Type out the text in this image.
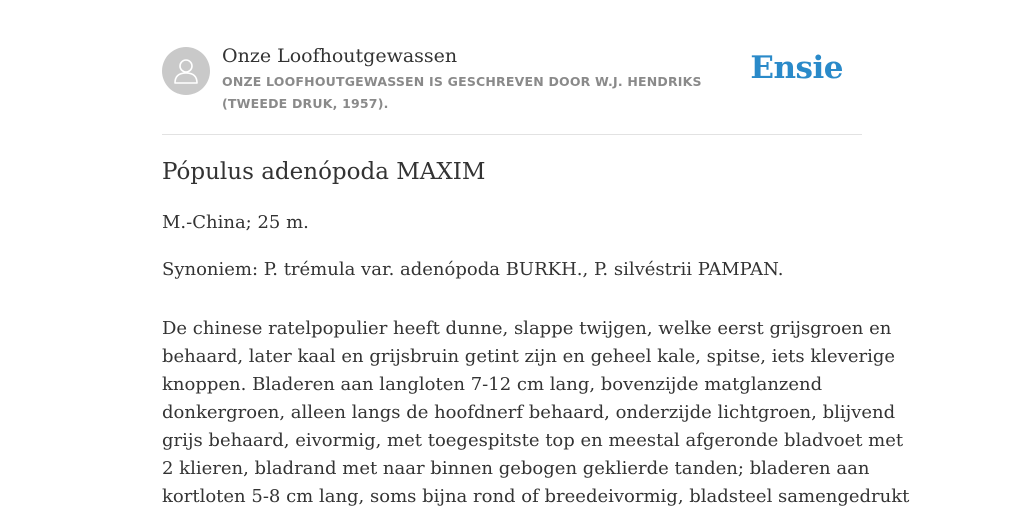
Onze Loofhoutgewassen
ONZE LOOFHOUTGEWASSEN IS GESCHREVEN DOOR W.J. HENDRIKS (TWEEDE DRUK, 1957).
Ensie
Pópulus adenópoda MAXIM
M.-China; 25 m.
Synoniem: P. trémula var. adenópoda BURKH., P. silvéstrii PAMPAN.
De chinese ratelpopulier heeft dunne, slappe twijgen, welke eerst grijsgroen en
behaard, later kaal en grijsbruin getint zijn en geheel kale, spitse, iets kleverige
knoppen. Bladeren aan langloten 7-12 cm lang, bovenzijde matglanzend
donkergroen, alleen langs de hoofdnerf behaard, onderzijde lichtgroen, blijvend
grijs behaard, eivormig, met toegespitste top en meestal afgeronde bladvoet met
2 klieren, bladrand met naar binnen gebogen geklierde tanden; bladeren aan
kortloten 5-8 cm lang, soms bijna rond of breedeivormig, bladsteel samengedrukt
